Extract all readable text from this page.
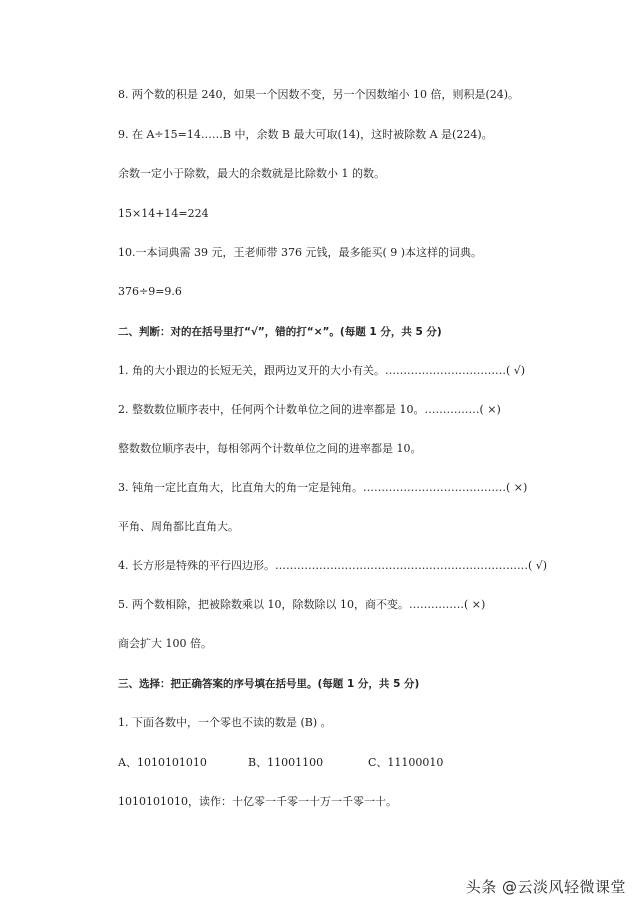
8. 两个数的积是 240，如果一个因数不变，另一个因数缩小 10 倍，则积是(24)。
9. 在 A÷15=14……B 中，余数 B 最大可取(14)，这时被除数 A 是(224)。
余数一定小于除数，最大的余数就是比除数小 1 的数。
15×14+14=224
10.一本词典需 39 元，王老师带 376 元钱，最多能买( 9 )本这样的词典。
376÷9=9.6
二、判断：对的在括号里打“√”，错的打“×”。(每题 1 分，共 5 分)
1. 角的大小跟边的长短无关，跟两边叉开的大小有关。……………………………( √)
2. 整数数位顺序表中，任何两个计数单位之间的进率都是 10。……………( ×)
整数数位顺序表中，每相邻两个计数单位之间的进率都是 10。
3. 钝角一定比直角大，比直角大的角一定是钝角。…………………………………( ×)
平角、周角都比直角大。
4. 长方形是特殊的平行四边形。……………………………………………………………( √)
5. 两个数相除，把被除数乘以 10，除数除以 10，商不变。……………( ×)
商会扩大 100 倍。
三、选择：把正确答案的序号填在括号里。(每题 1 分，共 5 分)
1. 下面各数中，一个零也不读的数是 (B) 。
A、1010101010	B、11001100	C、11100010
1010101010，读作：十亿零一千零一十万一千零一十。
头条 @云淡风轻微课堂
